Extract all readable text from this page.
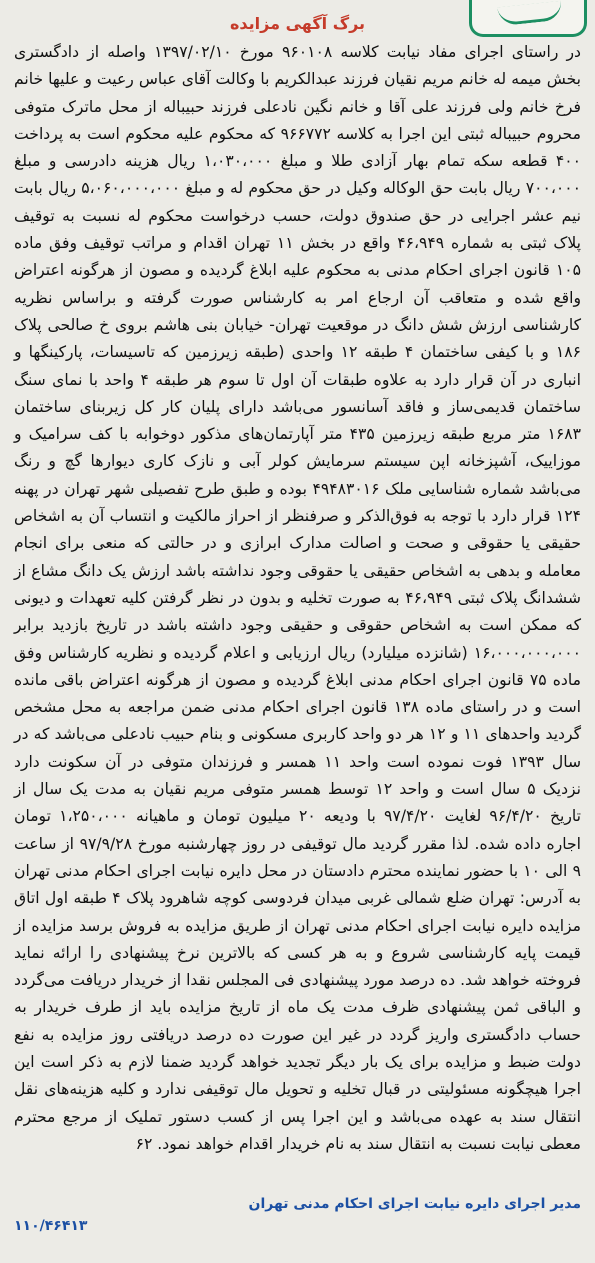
برگ آگهی مزایده

در راستای اجرای مفاد نیابت کلاسه ۹۶۰۱۰۸ مورخ ۱۳۹۷/۰۲/۱۰ واصله از دادگستری بخش میمه له خانم مریم نقیان فرزند عبدالکریم با وکالت آقای عباس رعیت و علیها خانم فرخ خانم ولی فرزند علی آقا و خانم نگین نادعلی فرزند حبیباله از محل ماترک متوفی محروم حبیباله ثبتی این اجرا به کلاسه ۹۶۶۷۷۲ که محکوم علیه محکوم است به پرداخت ۴۰۰ قطعه سکه تمام بهار آزادی طلا و مبلغ ۱،۰۳۰،۰۰۰ ریال هزینه دادرسی و مبلغ ۷۰۰،۰۰۰ ریال بابت حق الوکاله وکیل در حق محکوم له و مبلغ ۵،۰۶۰،۰۰۰،۰۰۰ ریال بابت نیم عشر اجرایی در حق صندوق دولت، حسب درخواست محکوم له نسبت به توقیف پلاک ثبتی به شماره ۴۶،۹۴۹ واقع در بخش ۱۱ تهران اقدام و مراتب توقیف وفق ماده ۱۰۵ قانون اجرای احکام مدنی به محکوم علیه ابلاغ گردیده و مصون از هرگونه اعتراض واقع شده و متعاقب آن ارجاع امر به کارشناس صورت گرفته و براساس نظریه کارشناسی ارزش شش دانگ در موقعیت تهران- خیابان بنی هاشم بروی خ صالحی پلاک ۱۸۶ و با کیفی ساختمان ۴ طبقه ۱۲ واحدی (طبقه زیرزمین که تاسیسات، پارکینگها و انباری در آن قرار دارد به علاوه طبقات آن اول تا سوم هر طبقه ۴ واحد با نمای سنگ ساختمان قدیمی‌ساز و فاقد آسانسور می‌باشد دارای پلیان کار کل زیربنای ساختمان ۱۶۸۳ متر مربع طبقه زیرزمین ۴۳۵ متر آپارتمان‌های مذکور دوخوابه با کف سرامیک و موزاییک، آشپزخانه اپن سیستم سرمایش کولر آبی و نازک کاری دیوارها گچ و رنگ می‌باشد شماره شناسایی ملک ۴۹۴۸۳۰۱۶ بوده و طبق طرح تفصیلی شهر تهران در پهنه ۱۲۴ قرار دارد با توجه به فوق‌الذکر و صرفنظر از احراز مالکیت و انتساب آن به اشخاص حقیقی یا حقوقی و صحت و اصالت مدارک ابرازی و در حالتی که منعی برای انجام معامله و بدهی به اشخاص حقیقی یا حقوقی وجود نداشته باشد ارزش یک دانگ مشاع از ششدانگ پلاک ثبتی ۴۶،۹۴۹ به صورت تخلیه و بدون در نظر گرفتن کلیه تعهدات و دیونی که ممکن است به اشخاص حقوقی و حقیقی وجود داشته باشد در تاریخ بازدید برابر ۱۶،۰۰۰،۰۰۰،۰۰۰ (شانزده میلیارد) ریال ارزیابی و اعلام گردیده و نظریه کارشناس وفق ماده ۷۵ قانون اجرای احکام مدنی ابلاغ گردیده و مصون از هرگونه اعتراض باقی مانده است و در راستای ماده ۱۳۸ قانون اجرای احکام مدنی ضمن مراجعه به محل مشخص گردید واحدهای ۱۱ و ۱۲ هر دو واحد کاربری مسکونی و بنام حبیب نادعلی می‌باشد که در سال ۱۳۹۳ فوت نموده است واحد ۱۱ همسر و فرزندان متوفی در آن سکونت دارد نزدیک ۵ سال است و واحد ۱۲ توسط همسر متوفی مریم نقیان به مدت یک سال از تاریخ ۹۶/۴/۲۰ لغایت ۹۷/۴/۲۰ با ودیعه ۲۰ میلیون تومان و ماهیانه ۱،۲۵۰،۰۰۰ تومان اجاره داده شده. لذا مقرر گردید مال توقیفی در روز چهارشنبه مورخ ۹۷/۹/۲۸ از ساعت ۹ الی ۱۰ با حضور نماینده محترم دادستان در محل دایره نیابت اجرای احکام مدنی تهران به آدرس: تهران ضلع شمالی غربی میدان فردوسی کوچه شاهرود پلاک ۴ طبقه اول اتاق مزایده دایره نیابت اجرای احکام مدنی تهران از طریق مزایده به فروش برسد مزایده از قیمت پایه کارشناسی شروع و به هر کسی که بالاترین نرخ پیشنهادی را ارائه نماید فروخته خواهد شد. ده درصد مورد پیشنهادی فی المجلس نقدا از خریدار دریافت می‌گردد و الباقی ثمن پیشنهادی ظرف مدت یک ماه از تاریخ مزایده باید از طرف خریدار به حساب دادگستری واریز گردد در غیر این صورت ده درصد دریافتی روز مزایده به نفع دولت ضبط و مزایده برای یک بار دیگر تجدید خواهد گردید ضمنا لازم به ذکر است این اجرا هیچگونه مسئولیتی در قبال تخلیه و تحویل مال توقیفی ندارد و کلیه هزینه‌های نقل انتقال سند به عهده می‌باشد و این اجرا پس از کسب دستور تملیک از مرجع محترم معطی نیابت نسبت به انتقال سند به نام خریدار اقدام خواهد نمود. ۶۲

مدیر اجرای دایره نیابت اجرای احکام مدنی تهران
۱۱۰/۴۶۴۱۳
